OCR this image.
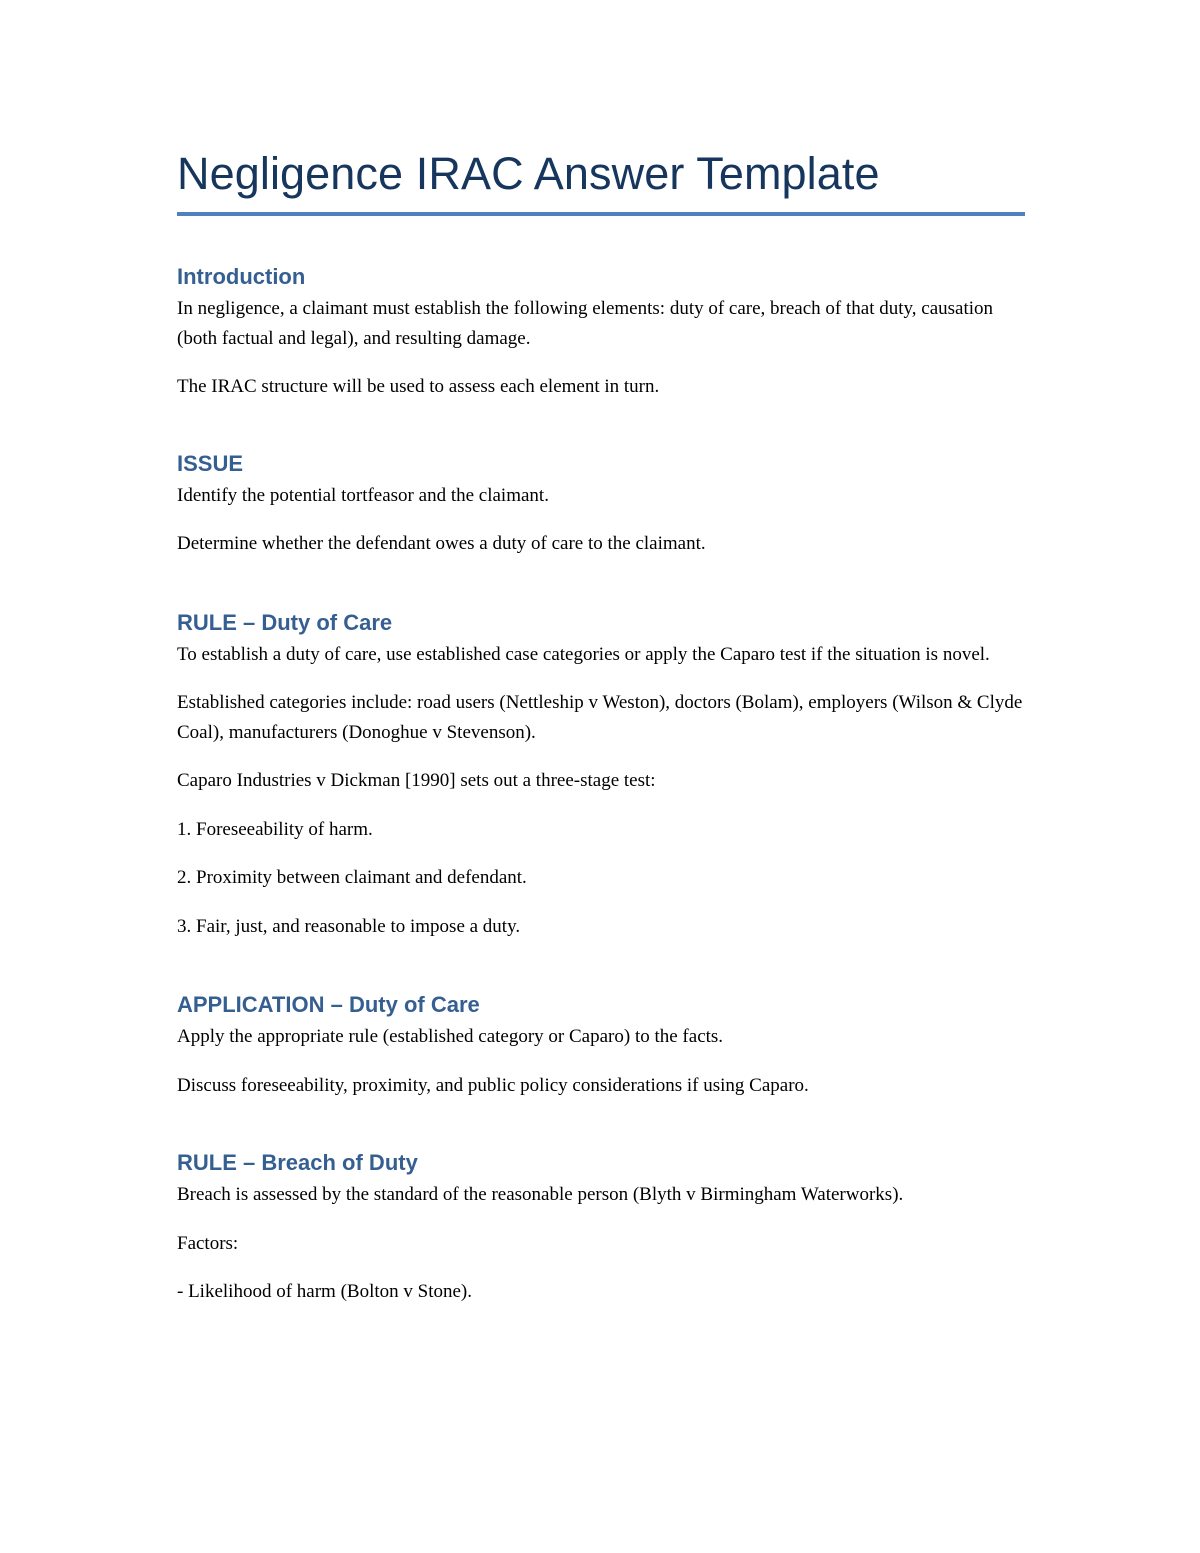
Negligence IRAC Answer Template
Introduction

In negligence, a claimant must establish the following elements: duty of care, breach of that duty, causation (both factual and legal), and resulting damage.

The IRAC structure will be used to assess each element in turn.

ISSUE

Identify the potential tortfeasor and the claimant.

Determine whether the defendant owes a duty of care to the claimant.

RULE – Duty of Care

To establish a duty of care, use established case categories or apply the Caparo test if the situation is novel.

Established categories include: road users (Nettleship v Weston), doctors (Bolam), employers (Wilson & Clyde Coal), manufacturers (Donoghue v Stevenson).

Caparo Industries v Dickman [1990] sets out a three-stage test:

1. Foreseeability of harm.

2. Proximity between claimant and defendant.

3. Fair, just, and reasonable to impose a duty.

APPLICATION – Duty of Care

Apply the appropriate rule (established category or Caparo) to the facts.

Discuss foreseeability, proximity, and public policy considerations if using Caparo.

RULE – Breach of Duty

Breach is assessed by the standard of the reasonable person (Blyth v Birmingham Waterworks).

Factors:

- Likelihood of harm (Bolton v Stone).
